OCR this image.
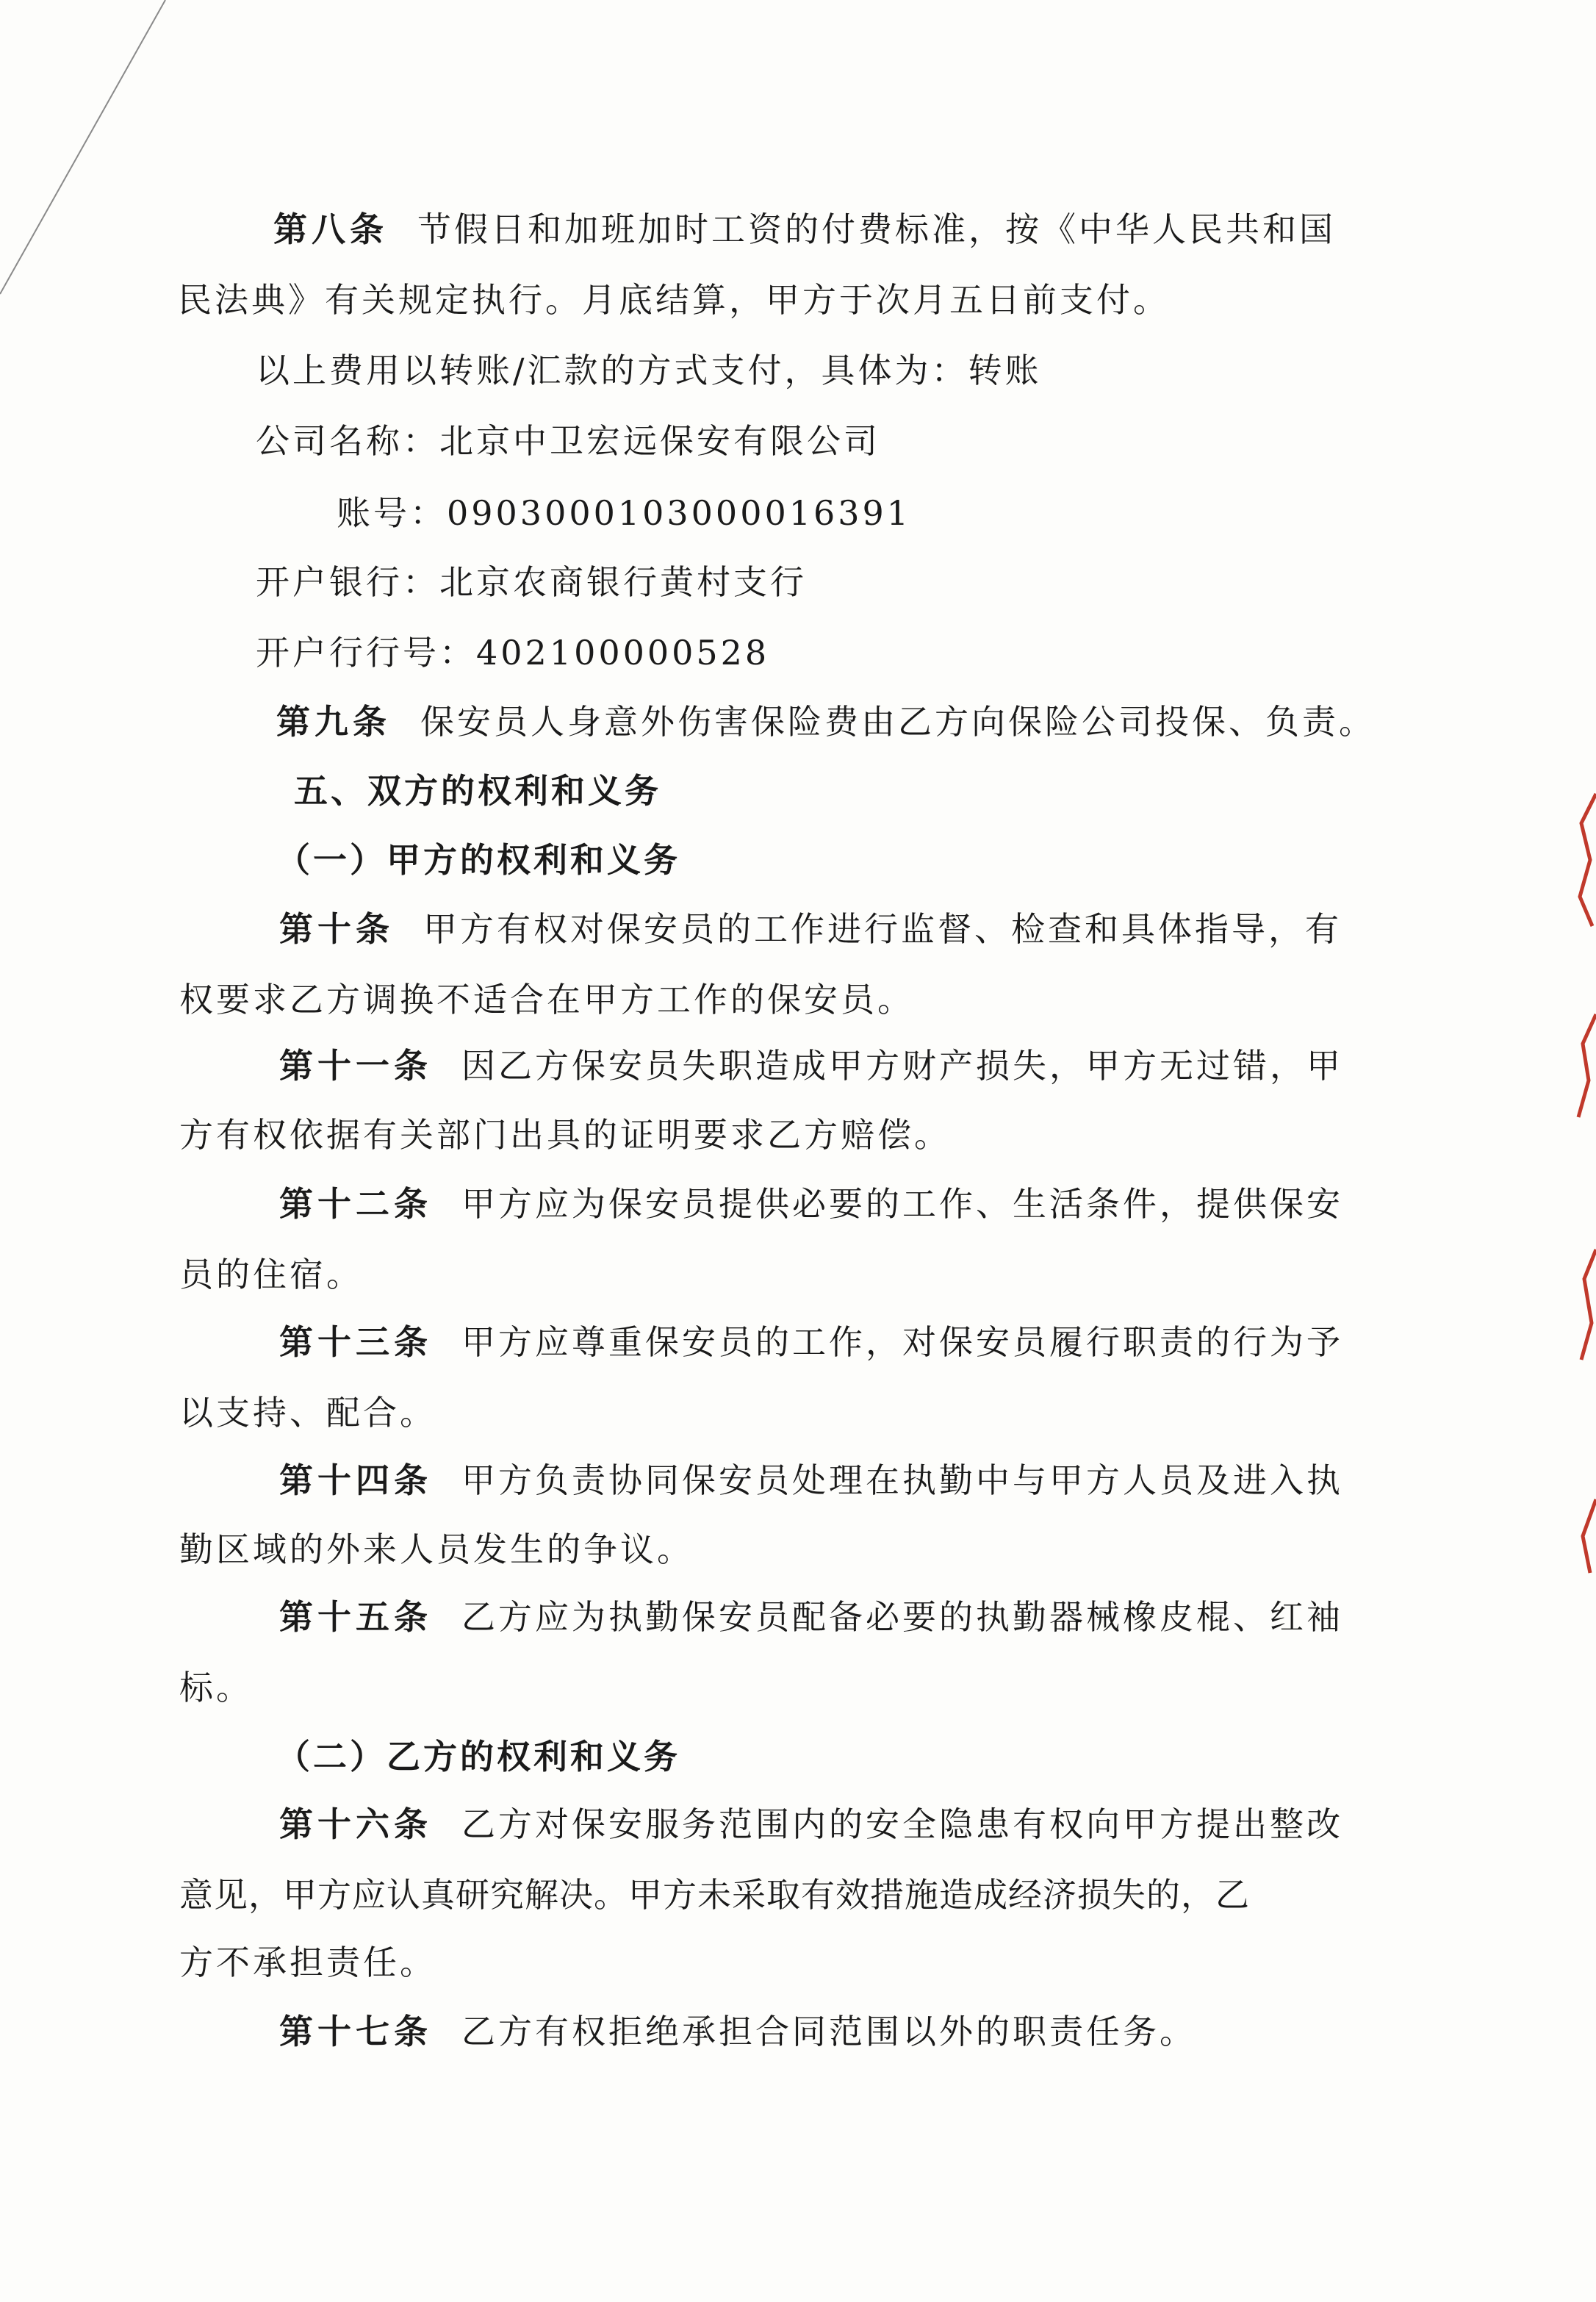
第八条 节假日和加班加时工资的付费标准，按《中华人民共和国
民法典》有关规定执行。月底结算，甲方于次月五日前支付。
以上费用以转账/汇款的方式支付，具体为：转账
公司名称：北京中卫宏远保安有限公司
账号：0903000103000016391
开户银行：北京农商银行黄村支行
开户行行号：402100000528
第九条 保安员人身意外伤害保险费由乙方向保险公司投保、负责。
五、双方的权利和义务
（一）甲方的权利和义务
第十条 甲方有权对保安员的工作进行监督、检查和具体指导，有
权要求乙方调换不适合在甲方工作的保安员。
第十一条 因乙方保安员失职造成甲方财产损失，甲方无过错，甲
方有权依据有关部门出具的证明要求乙方赔偿。
第十二条 甲方应为保安员提供必要的工作、生活条件，提供保安
员的住宿。
第十三条 甲方应尊重保安员的工作，对保安员履行职责的行为予
以支持、配合。
第十四条 甲方负责协同保安员处理在执勤中与甲方人员及进入执
勤区域的外来人员发生的争议。
第十五条 乙方应为执勤保安员配备必要的执勤器械橡皮棍、红袖
标。
（二）乙方的权利和义务
第十六条 乙方对保安服务范围内的安全隐患有权向甲方提出整改
意见，甲方应认真研究解决。甲方未采取有效措施造成经济损失的，乙
方不承担责任。
第十七条 乙方有权拒绝承担合同范围以外的职责任务。
